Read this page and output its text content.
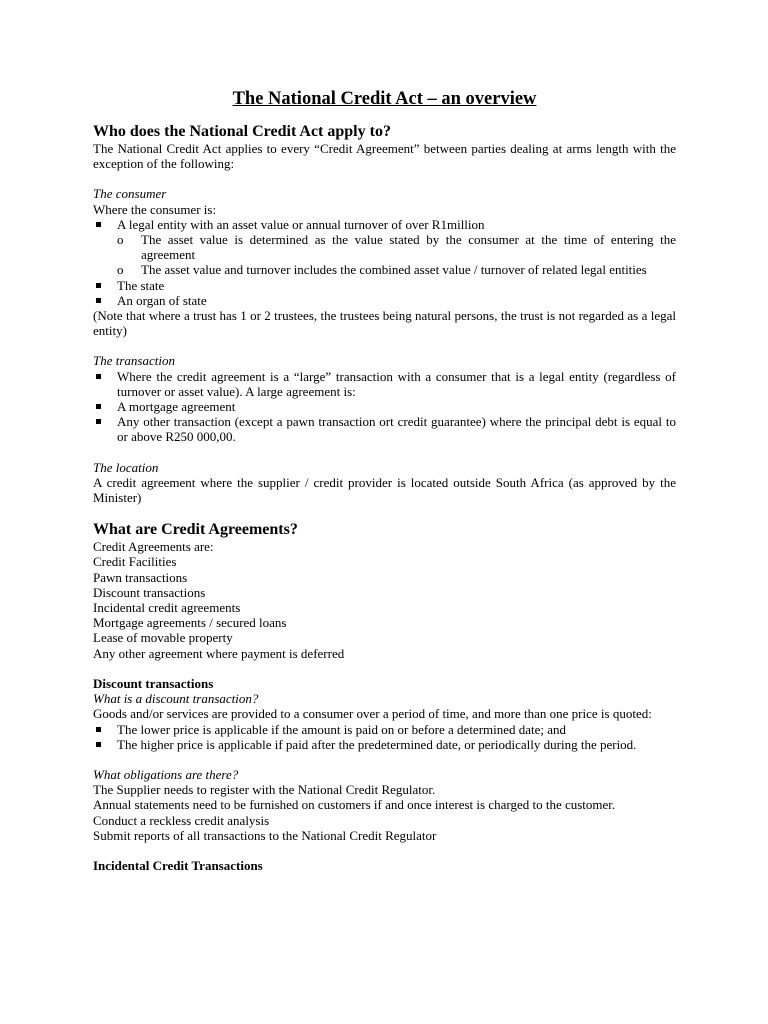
The National Credit Act – an overview
Who does the National Credit Act apply to?

The National Credit Act applies to every “Credit Agreement” between parties dealing at arms length with the exception of the following:

The consumer

Where the consumer is:

A legal entity with an asset value or annual turnover of over R1million
o The asset value is determined as the value stated by the consumer at the time of entering the agreement
o The asset value and turnover includes the combined asset value / turnover of related legal entities
The state
An organ of state

(Note that where a trust has 1 or 2 trustees, the trustees being natural persons, the trust is not regarded as a legal entity)

The transaction

Where the credit agreement is a “large” transaction with a consumer that is a legal entity (regardless of turnover or asset value). A large agreement is:
A mortgage agreement
Any other transaction (except a pawn transaction ort credit guarantee) where the principal debt is equal to or above R250 000,00.

The location

A credit agreement where the supplier / credit provider is located outside South Africa (as approved by the Minister)

What are Credit Agreements?

Credit Agreements are:

Credit Facilities

Pawn transactions

Discount transactions

Incidental credit agreements

Mortgage agreements / secured loans

Lease of movable property

Any other agreement where payment is deferred

Discount transactions

What is a discount transaction?

Goods and/or services are provided to a consumer over a period of time, and more than one price is quoted:

The lower price is applicable if the amount is paid on or before a determined date; and
The higher price is applicable if paid after the predetermined date, or periodically during the period.

What obligations are there?

The Supplier needs to register with the National Credit Regulator.

Annual statements need to be furnished on customers if and once interest is charged to the customer.

Conduct a reckless credit analysis

Submit reports of all transactions to the National Credit Regulator

Incidental Credit Transactions
